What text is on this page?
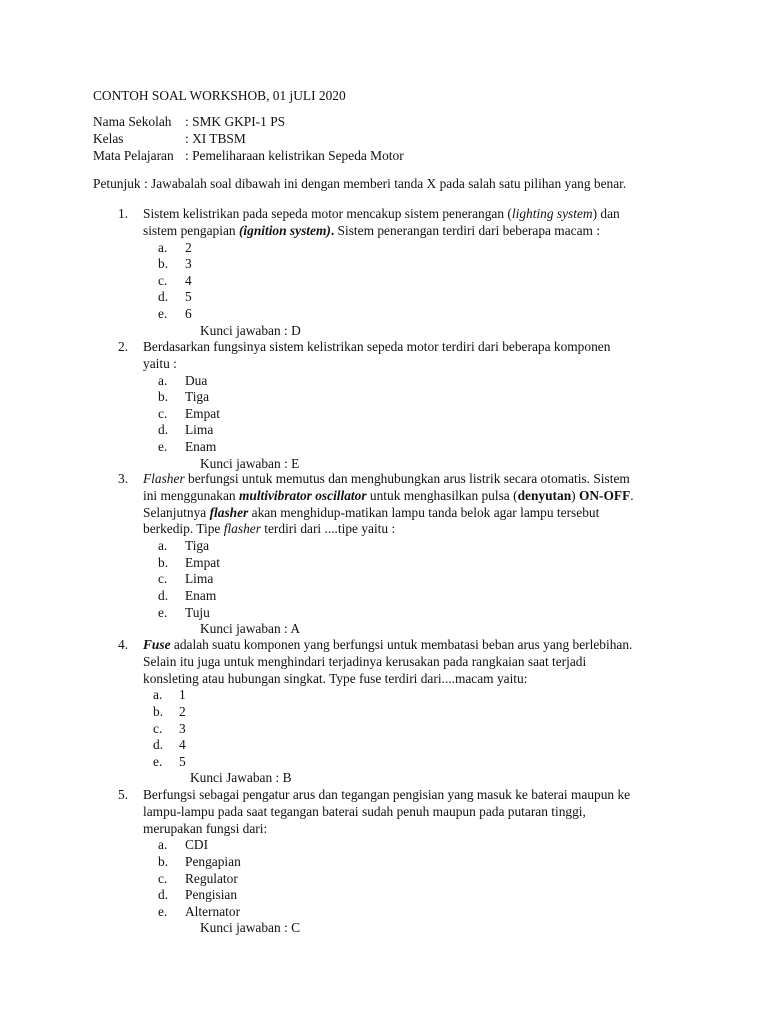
CONTOH SOAL WORKSHOB, 01 jULI 2020
Nama Sekolah	: SMK GKPI-1 PS
Kelas	: XI TBSM
Mata Pelajaran : Pemeliharaan kelistrikan Sepeda Motor
Petunjuk : Jawabalah soal dibawah ini dengan memberi tanda X pada salah satu pilihan yang benar.
1.	Sistem kelistrikan pada sepeda motor mencakup sistem penerangan (lighting system) dan
sistem pengapian (ignition system). Sistem penerangan terdiri dari beberapa macam :
a.	2
b.	3
c.	4
d.	5
e.	6
Kunci jawaban : D
2.	Berdasarkan fungsinya sistem kelistrikan sepeda motor terdiri dari beberapa komponen
yaitu :
a.	Dua
b.	Tiga
c.	Empat
d.	Lima
e.	Enam
Kunci jawaban : E
3.	Flasher berfungsi untuk memutus dan menghubungkan arus listrik secara otomatis. Sistem
ini menggunakan multivibrator oscillator untuk menghasilkan pulsa (denyutan) ON-OFF.
Selanjutnya flasher akan menghidup-matikan lampu tanda belok agar lampu tersebut
berkedip. Tipe flasher terdiri dari ....tipe yaitu :
a.	Tiga
b.	Empat
c.	Lima
d.	Enam
e.	Tuju
Kunci jawaban : A
4.	Fuse adalah suatu komponen yang berfungsi untuk membatasi beban arus yang berlebihan.
Selain itu juga untuk menghindari terjadinya kerusakan pada rangkaian saat terjadi
konsleting atau hubungan singkat. Type fuse terdiri dari....macam yaitu:
a.	1
b.	2
c.	3
d.	4
e.	5
Kunci Jawaban : B
5.	Berfungsi sebagai pengatur arus dan tegangan pengisian yang masuk ke baterai maupun ke
lampu-lampu pada saat tegangan baterai sudah penuh maupun pada putaran tinggi,
merupakan fungsi dari:
a.	CDI
b.	Pengapian
c.	Regulator
d.	Pengisian
e.	Alternator
Kunci jawaban : C
